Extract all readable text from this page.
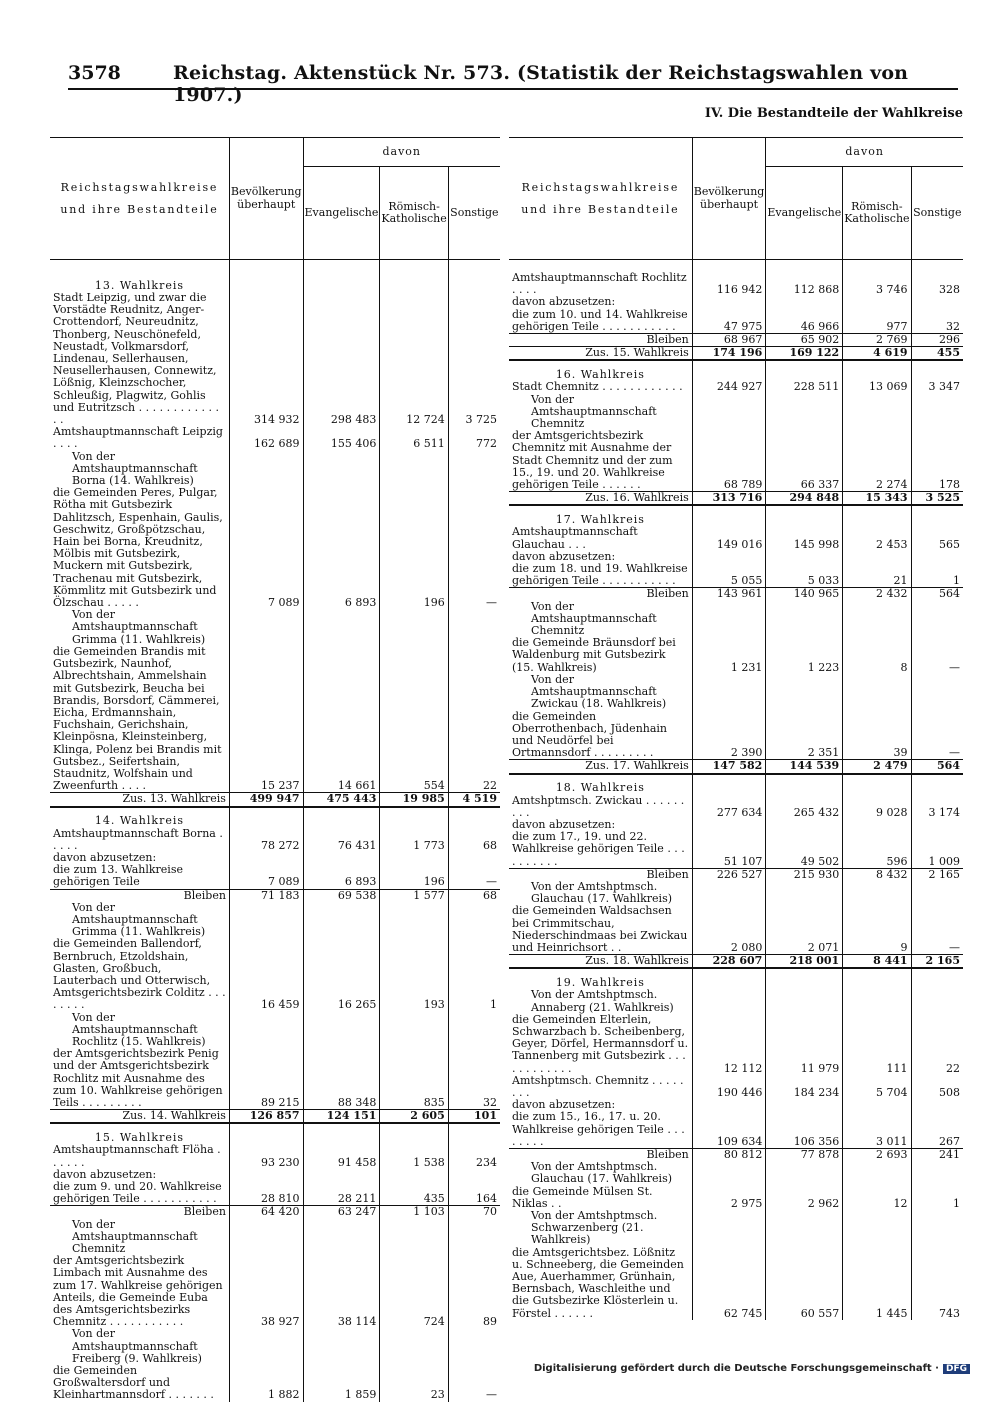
3578	Reichstag. Aktenstück Nr. 573. (Statistik der Reichstagswahlen von 1907.)
IV. Die Bestandteile der Wahlkreise
Reichstagswahlkreise und ihre Bestandteile	Bevölkerung überhaupt	davon		
		Evangelische	Römisch-Katholische	Sonstige

13. Wahlkreis				
Stadt Leipzig, und zwar die Vorstädte Reudnitz, Anger-Crottendorf, Neureudnitz, Thonberg, Neuschönefeld, Neustadt, Volkmarsdorf, Lindenau, Sellerhausen, Neusellerhausen, Connewitz, Lößnig, Kleinzschocher, Schleußig, Plagwitz, Gohlis und Eutritzsch . . . . . . . . . . . . . .	314 932	298 483	12 724	3 725
Amtshauptmannschaft Leipzig . . . .	162 689	155 406	6 511	772
Von der Amtshauptmannschaft Borna (14. Wahlkreis)				
die Gemeinden Peres, Pulgar, Rötha mit Gutsbezirk Dahlitzsch, Espenhain, Gaulis, Geschwitz, Großpötzschau, Hain bei Borna, Kreudnitz, Mölbis mit Gutsbezirk, Muckern mit Gutsbezirk, Trachenau mit Gutsbezirk, Kömmlitz mit Gutsbezirk und Ölzschau . . . . .	7 089	6 893	196	—
Von der Amtshauptmannschaft Grimma (11. Wahlkreis)				
die Gemeinden Brandis mit Gutsbezirk, Naunhof, Albrechtshain, Ammelshain mit Gutsbezirk, Beucha bei Brandis, Borsdorf, Cämmerei, Eicha, Erdmannshain, Fuchshain, Gerichshain, Kleinpösna, Kleinsteinberg, Klinga, Polenz bei Brandis mit Gutsbez., Seifertshain, Staudnitz, Wolfshain und Zweenfurth . . . .	15 237	14 661	554	22
Zus. 13. Wahlkreis	499 947	475 443	19 985	4 519
14. Wahlkreis				
Amtshauptmannschaft Borna . . . . .	78 272	76 431	1 773	68
davon abzusetzen:				
die zum 13. Wahlkreise gehörigen Teile	7 089	6 893	196	—
Bleiben	71 183	69 538	1 577	68
Von der Amtshauptmannschaft Grimma (11. Wahlkreis)				
die Gemeinden Ballendorf, Bernbruch, Etzoldshain, Glasten, Großbuch, Lauterbach und Otterwisch, Amtsgerichtsbezirk Colditz . . . . . . . .	16 459	16 265	193	1
Von der Amtshauptmannschaft Rochlitz (15. Wahlkreis)				
der Amtsgerichtsbezirk Penig und der Amtsgerichtsbezirk Rochlitz mit Ausnahme des zum 10. Wahlkreise gehörigen Teils . . . . . . . . .	89 215	88 348	835	32
Zus. 14. Wahlkreis	126 857	124 151	2 605	101
15. Wahlkreis				
Amtshauptmannschaft Flöha . . . . . .	93 230	91 458	1 538	234
davon abzusetzen:				
die zum 9. und 20. Wahlkreise gehörigen Teile . . . . . . . . . . .	28 810	28 211	435	164
Bleiben	64 420	63 247	1 103	70
Von der Amtshauptmannschaft Chemnitz				
der Amtsgerichtsbezirk Limbach mit Ausnahme des zum 17. Wahlkreise gehörigen Anteils, die Gemeinde Euba des Amtsgerichtsbezirks Chemnitz . . . . . . . . . . .	38 927	38 114	724	89
Von der Amtshauptmannschaft Freiberg (9. Wahlkreis)				
die Gemeinden Großwaltersdorf und Kleinhartmannsdorf . . . . . . .	1 882	1 859	23	—
Reichstagswahlkreise und ihre Bestandteile	Bevölkerung überhaupt	davon		
		Evangelische	Römisch-Katholische	Sonstige

Amtshauptmannschaft Rochlitz . . . .	116 942	112 868	3 746	328
davon abzusetzen:				
die zum 10. und 14. Wahlkreise gehörigen Teile . . . . . . . . . . .	47 975	46 966	977	32
Bleiben	68 967	65 902	2 769	296
Zus. 15. Wahlkreis	174 196	169 122	4 619	455
16. Wahlkreis				
Stadt Chemnitz . . . . . . . . . . . .	244 927	228 511	13 069	3 347
Von der Amtshauptmannschaft Chemnitz				
der Amtsgerichtsbezirk Chemnitz mit Ausnahme der Stadt Chemnitz und der zum 15., 19. und 20. Wahlkreise gehörigen Teile . . . . . .	68 789	66 337	2 274	178
Zus. 16. Wahlkreis	313 716	294 848	15 343	3 525
17. Wahlkreis				
Amtshauptmannschaft Glauchau . . .	149 016	145 998	2 453	565
davon abzusetzen:				
die zum 18. und 19. Wahlkreise gehörigen Teile . . . . . . . . . . .	5 055	5 033	21	1
Bleiben	143 961	140 965	2 432	564
Von der Amtshauptmannschaft Chemnitz				
die Gemeinde Bräunsdorf bei Waldenburg mit Gutsbezirk (15. Wahlkreis)	1 231	1 223	8	—
Von der Amtshauptmannschaft Zwickau (18. Wahlkreis)				
die Gemeinden Oberrothenbach, Jüdenhain und Neudörfel bei Ortmannsdorf . . . . . . . . .	2 390	2 351	39	—
Zus. 17. Wahlkreis	147 582	144 539	2 479	564
18. Wahlkreis				
Amtshptmsch. Zwickau . . . . . . . . .	277 634	265 432	9 028	3 174
davon abzusetzen:				
die zum 17., 19. und 22. Wahlkreise gehörigen Teile . . . . . . . . . .	51 107	49 502	596	1 009
Bleiben	226 527	215 930	8 432	2 165
Von der Amtshptmsch. Glauchau (17. Wahlkreis)				
die Gemeinden Waldsachsen bei Crimmitschau, Niederschindmaas bei Zwickau und Heinrichsort . .	2 080	2 071	9	—
Zus. 18. Wahlkreis	228 607	218 001	8 441	2 165
19. Wahlkreis				
Von der Amtshptmsch. Annaberg (21. Wahlkreis)				
die Gemeinden Elterlein, Schwarzbach b. Scheibenberg, Geyer, Dörfel, Hermannsdorf u. Tannenberg mit Gutsbezirk . . . . . . . . . . . .	12 112	11 979	111	22
Amtshptmsch. Chemnitz . . . . . . . .	190 446	184 234	5 704	508
davon abzusetzen:				
die zum 15., 16., 17. u. 20. Wahlkreise gehörigen Teile . . . . . . . .	109 634	106 356	3 011	267
Bleiben	80 812	77 878	2 693	241
Von der Amtshptmsch. Glauchau (17. Wahlkreis)				
die Gemeinde Mülsen St. Niklas . .	2 975	2 962	12	1
Von der Amtshptmsch. Schwarzenberg (21. Wahlkreis)				
die Amtsgerichtsbez. Lößnitz u. Schneeberg, die Gemeinden Aue, Auerhammer, Grünhain, Bernsbach, Waschleithe und die Gutsbezirke Klösterlein u. Förstel . . . . . .	62 745	60 557	1 445	743
Digitalisierung gefördert durch die Deutsche Forschungsgemeinschaft · DFG
